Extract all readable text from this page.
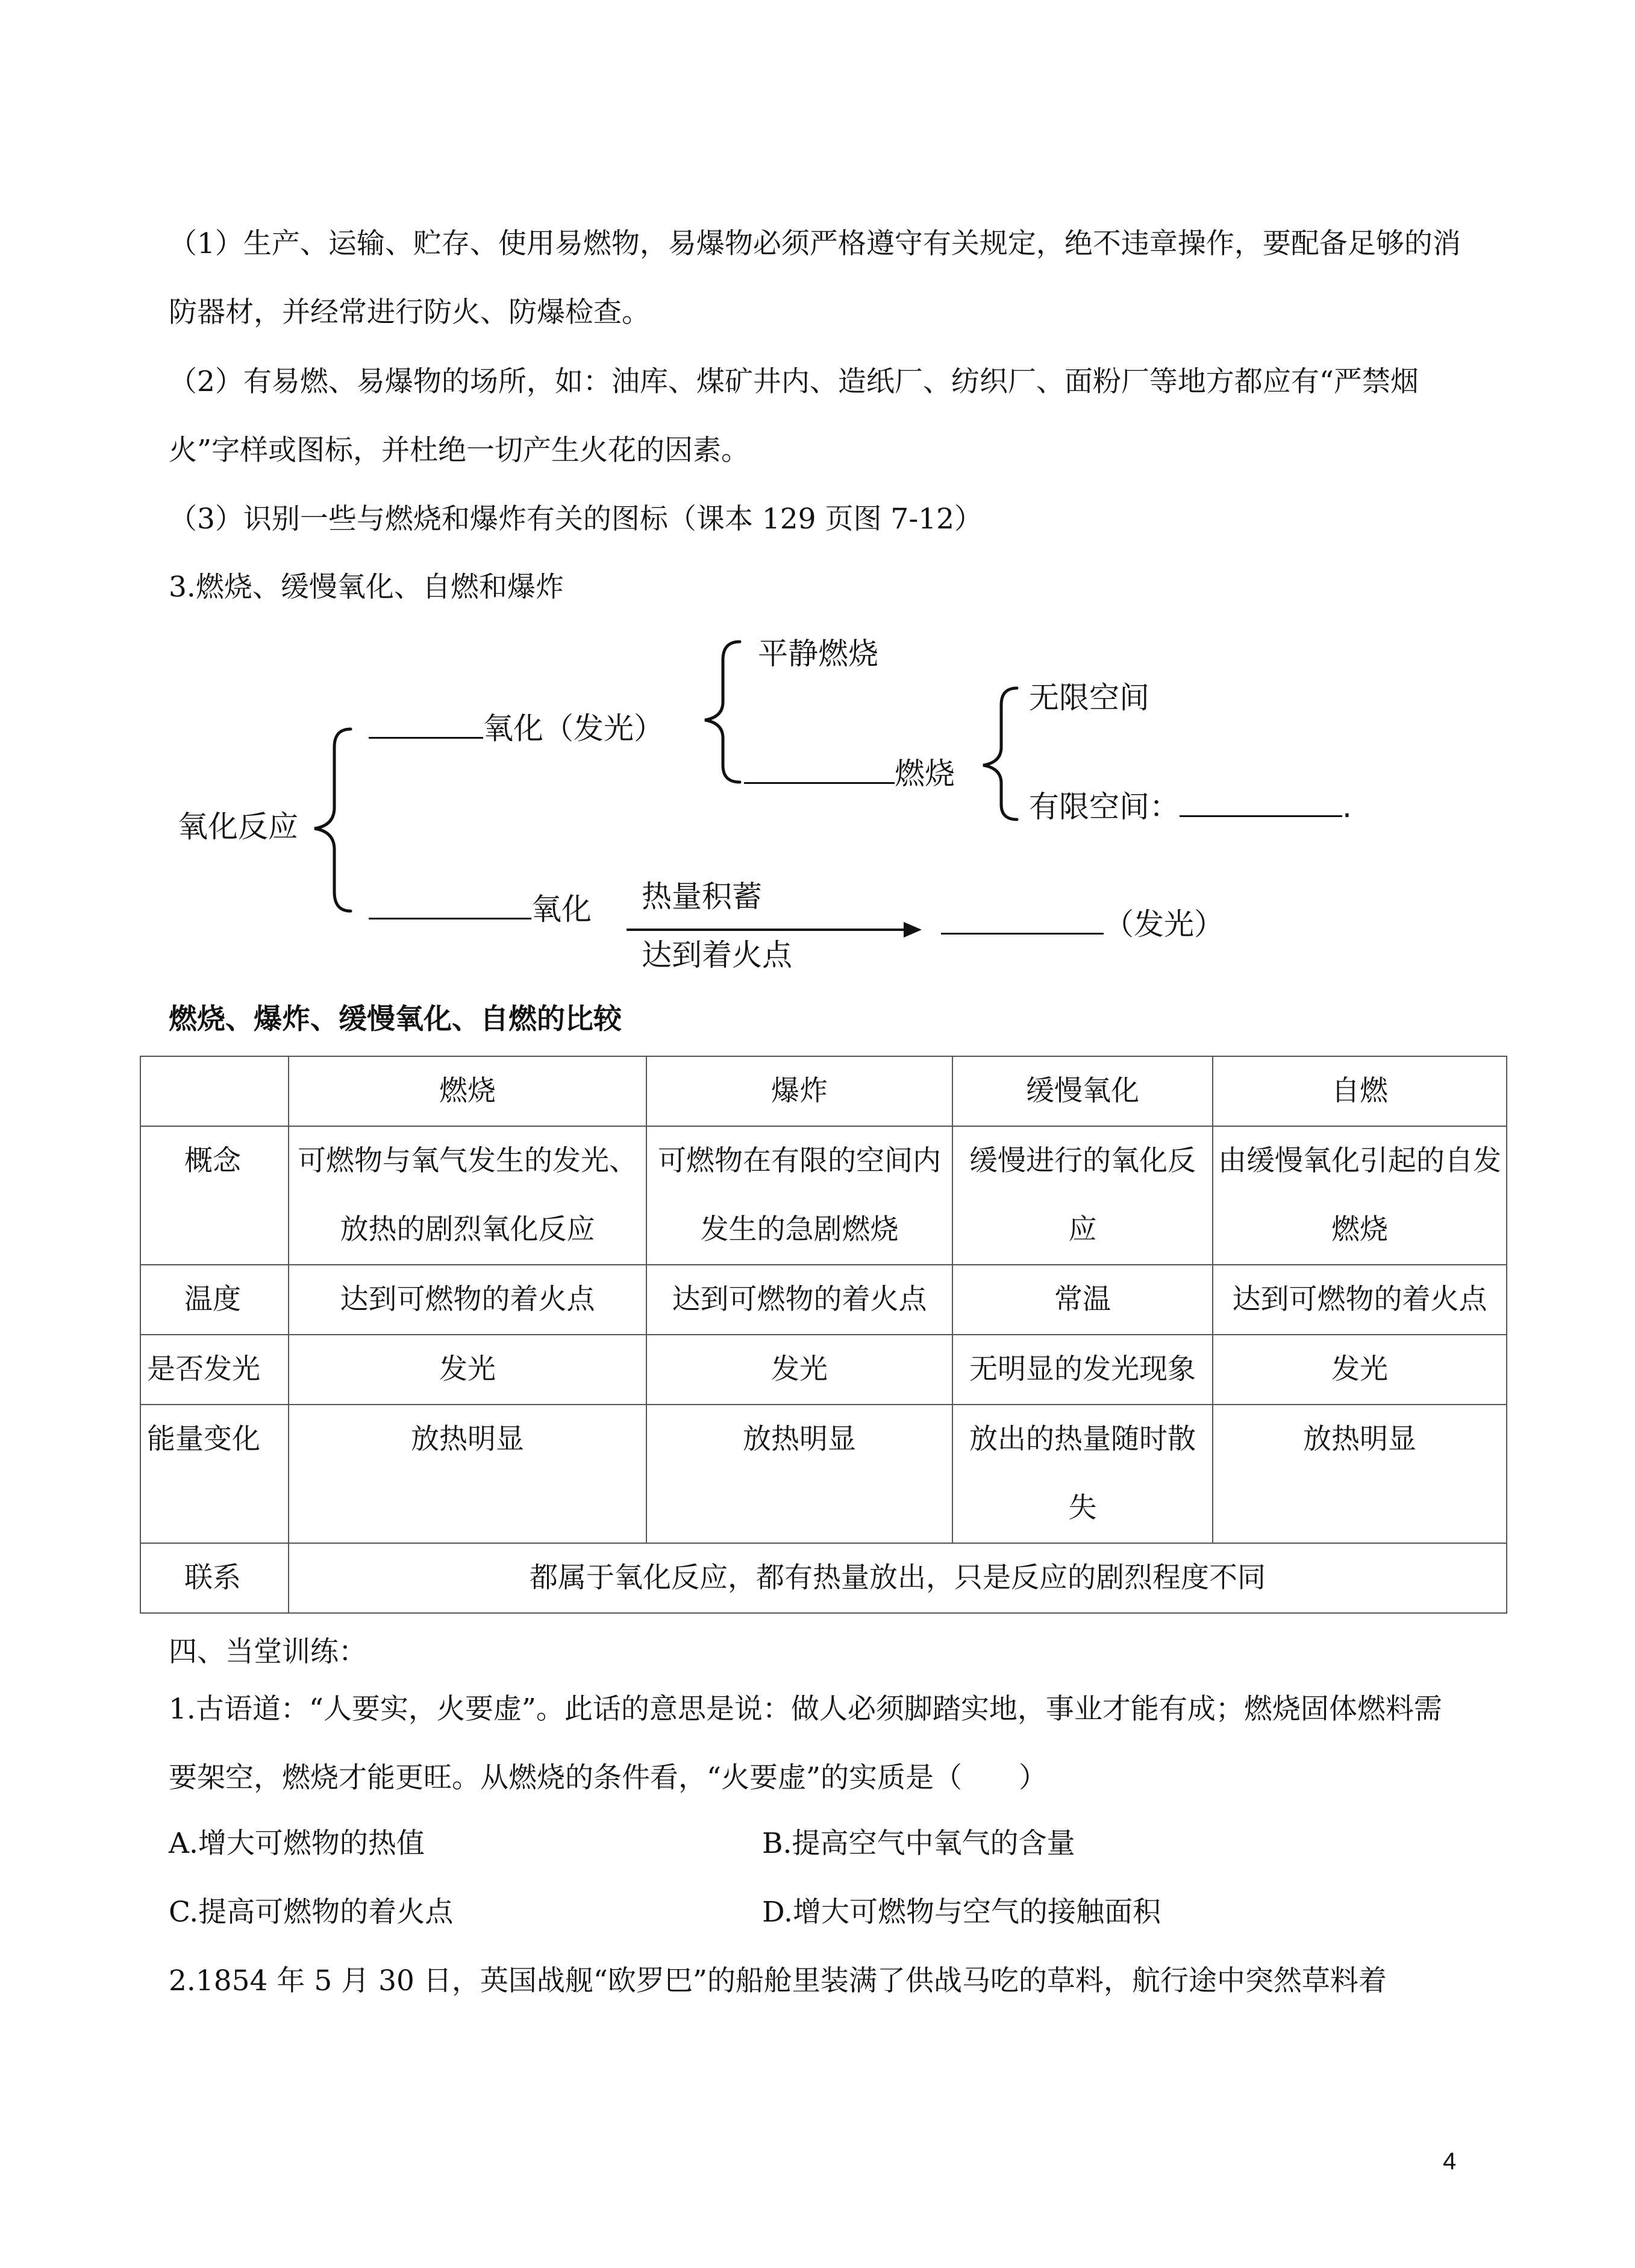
（1）生产、运输、贮存、使用易燃物，易爆物必须严格遵守有关规定，绝不违章操作，要配备足够的消防器材，并经常进行防火、防爆检查。
（2）有易燃、易爆物的场所，如：油库、煤矿井内、造纸厂、纺织厂、面粉厂等地方都应有“严禁烟火”字样或图标，并杜绝一切产生火花的因素。
（3）识别一些与燃烧和爆炸有关的图标（课本 129 页图 7-12）
3.燃烧、缓慢氧化、自燃和爆炸
氧化反应
氧化（发光）
平静燃烧
燃烧
无限空间
有限空间：	.
氧化 热量积蓄
达到着火点
（发光）
燃烧、爆炸、缓慢氧化、自燃的比较
	燃烧	爆炸	缓慢氧化	自燃
概念	可燃物与氧气发生的发光、放热的剧烈氧化反应	可燃物在有限的空间内发生的急剧燃烧	缓慢进行的氧化反应	由缓慢氧化引起的自发燃烧
温度	达到可燃物的着火点	达到可燃物的着火点	常温	达到可燃物的着火点
是否发光	发光	发光	无明显的发光现象	发光
能量变化	放热明显	放热明显	放出的热量随时散失	放热明显
联系	都属于氧化反应，都有热量放出，只是反应的剧烈程度不同			
四、当堂训练：
1.古语道：“人要实，火要虚”。此话的意思是说：做人必须脚踏实地，事业才能有成；燃烧固体燃料需要架空，燃烧才能更旺。从燃烧的条件看，“火要虚”的实质是（　　）
A.增大可燃物的热值	B.提高空气中氧气的含量
C.提高可燃物的着火点	D.增大可燃物与空气的接触面积
2.1854 年 5 月 30 日，英国战舰“欧罗巴”的船舱里装满了供战马吃的草料，航行途中突然草料着
4
